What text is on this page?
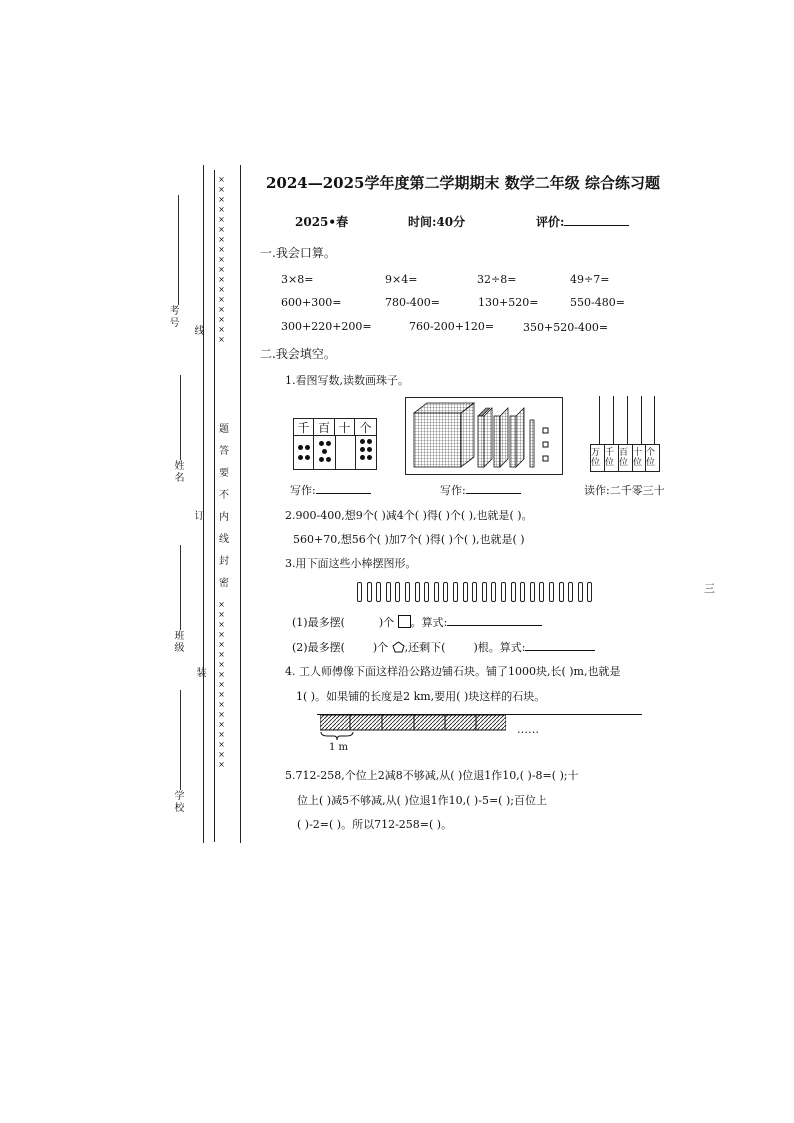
×××××××××××××××××
×××××××××××××××××
题
答
要
不
内
线
封
密
考号
线
姓名
订
班级
装
学校
2024—2025学年度第二学期期末 数学二年级 综合练习题
2025•春	时间:40分	评价:
一.我会口算。
3×8=	9×4=	32÷8=	49÷7=
600+300=	780-400=	130+520=	550-480=
300+220+200=	760-200+120=	350+520-400=
二.我会填空。
1.看图写数,读数画珠子。
千 百 十 个
万位
千位
百位
十位
个位
写作:	写作:	读作:二千零三十
2.900-400,想9个( )减4个( )得( )个( ),也就是( )。
560+70,想56个( )加7个( )得( )个( ),也就是( )
3.用下面这些小棒摆图形。
(1)最多摆(	)个 。算式:
(2)最多摆(	)个 ,还剩下(	)根。算式:
4. 工人师傅像下面这样沿公路边铺石块。铺了1000块,长( )m,也就是
1( )。如果铺的长度是2 km,要用( )块这样的石块。
1 m
……
5.712-258,个位上2减8不够减,从( )位退1作10,( )-8=( );十
位上( )减5不够减,从( )位退1作10,( )-5=( );百位上
( )-2=( )。所以712-258=( )。
三
